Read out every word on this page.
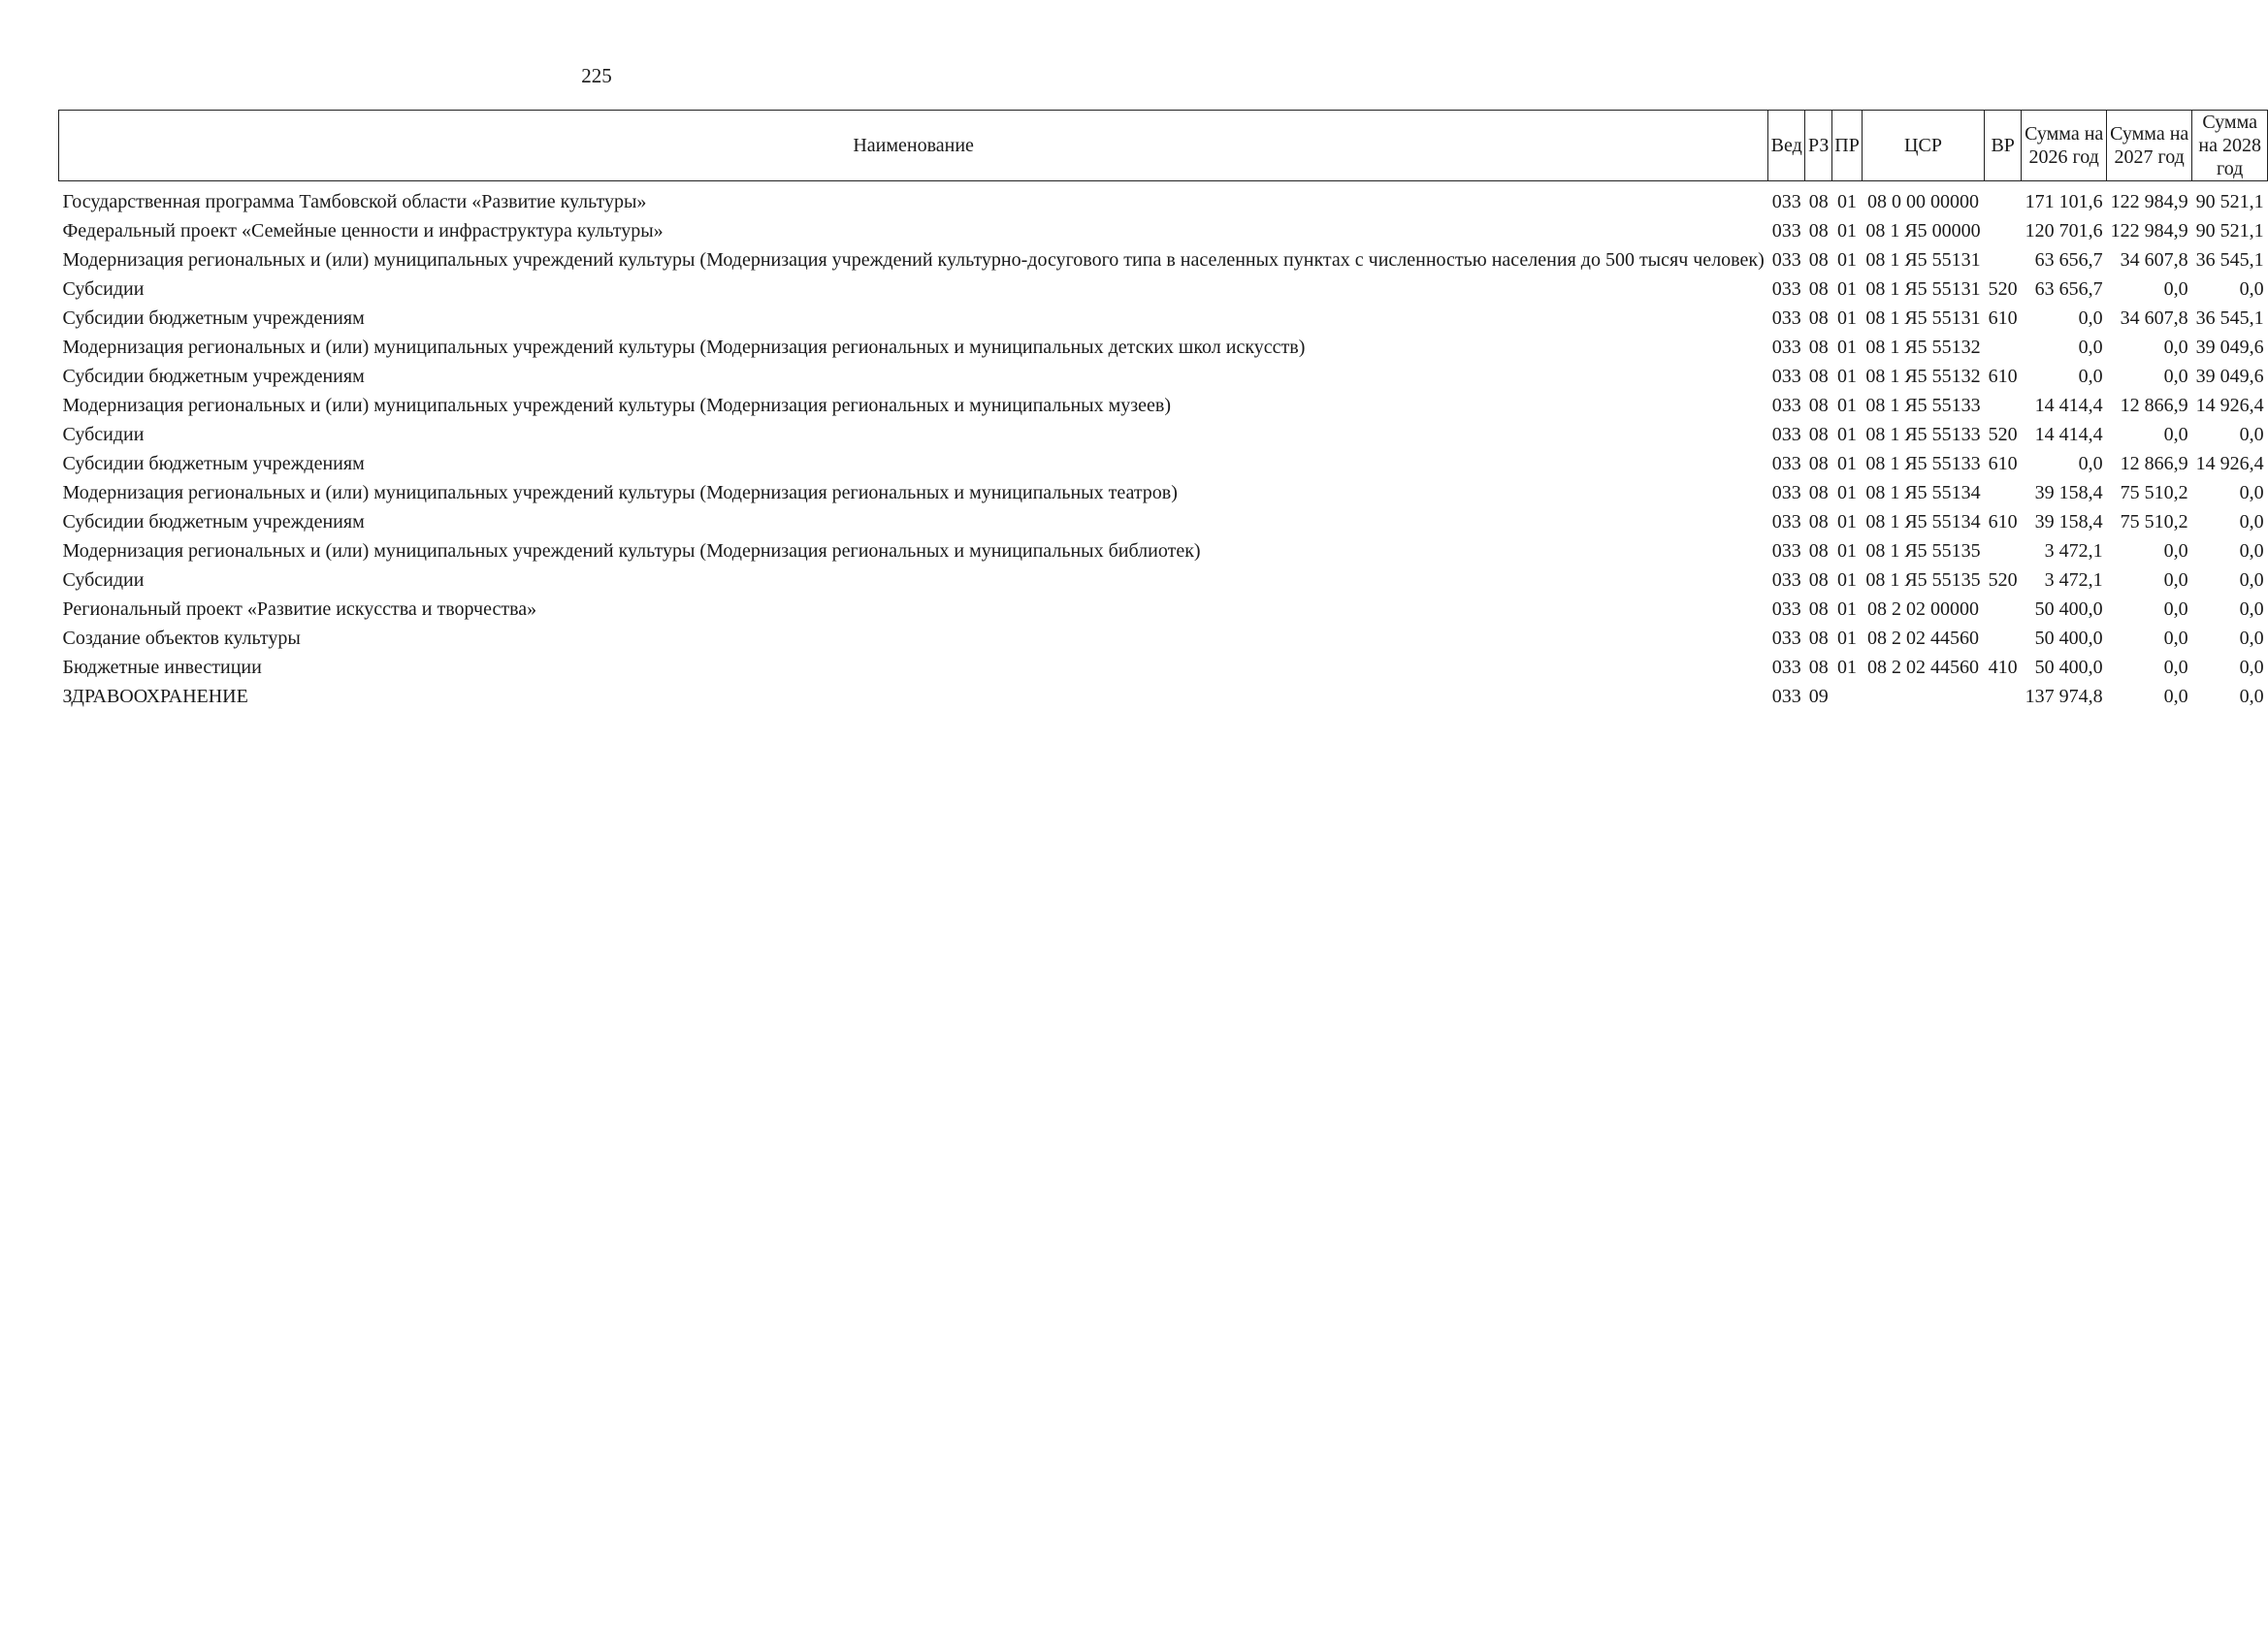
225
Наименование	Вед	РЗ	ПР	ЦСР	ВР	Сумма на 2026 год	Сумма на 2027 год	Сумма на 2028 год
Государственная программа Тамбовской области «Развитие культуры»	033	08	01	08 0 00 00000		171 101,6	122 984,9	90 521,1
Федеральный проект «Семейные ценности и инфраструктура культуры»	033	08	01	08 1 Я5 00000		120 701,6	122 984,9	90 521,1
Модернизация региональных и (или) муниципальных учреждений культуры (Модернизация учреждений культурно-досугового типа в населенных пунктах с численностью населения до 500 тысяч человек)	033	08	01	08 1 Я5 55131		63 656,7	34 607,8	36 545,1
Субсидии	033	08	01	08 1 Я5 55131	520	63 656,7	0,0	0,0
Субсидии бюджетным учреждениям	033	08	01	08 1 Я5 55131	610	0,0	34 607,8	36 545,1
Модернизация региональных и (или) муниципальных учреждений культуры (Модернизация региональных и муниципальных детских школ искусств)	033	08	01	08 1 Я5 55132		0,0	0,0	39 049,6
Субсидии бюджетным учреждениям	033	08	01	08 1 Я5 55132	610	0,0	0,0	39 049,6
Модернизация региональных и (или) муниципальных учреждений культуры (Модернизация региональных и муниципальных музеев)	033	08	01	08 1 Я5 55133		14 414,4	12 866,9	14 926,4
Субсидии	033	08	01	08 1 Я5 55133	520	14 414,4	0,0	0,0
Субсидии бюджетным учреждениям	033	08	01	08 1 Я5 55133	610	0,0	12 866,9	14 926,4
Модернизация региональных и (или) муниципальных учреждений культуры (Модернизация региональных и муниципальных театров)	033	08	01	08 1 Я5 55134		39 158,4	75 510,2	0,0
Субсидии бюджетным учреждениям	033	08	01	08 1 Я5 55134	610	39 158,4	75 510,2	0,0
Модернизация региональных и (или) муниципальных учреждений культуры (Модернизация региональных и муниципальных библиотек)	033	08	01	08 1 Я5 55135		3 472,1	0,0	0,0
Субсидии	033	08	01	08 1 Я5 55135	520	3 472,1	0,0	0,0
Региональный проект «Развитие искусства и творчества»	033	08	01	08 2 02 00000		50 400,0	0,0	0,0
Создание объектов культуры	033	08	01	08 2 02 44560		50 400,0	0,0	0,0
Бюджетные инвестиции	033	08	01	08 2 02 44560	410	50 400,0	0,0	0,0
ЗДРАВООХРАНЕНИЕ	033	09				137 974,8	0,0	0,0
